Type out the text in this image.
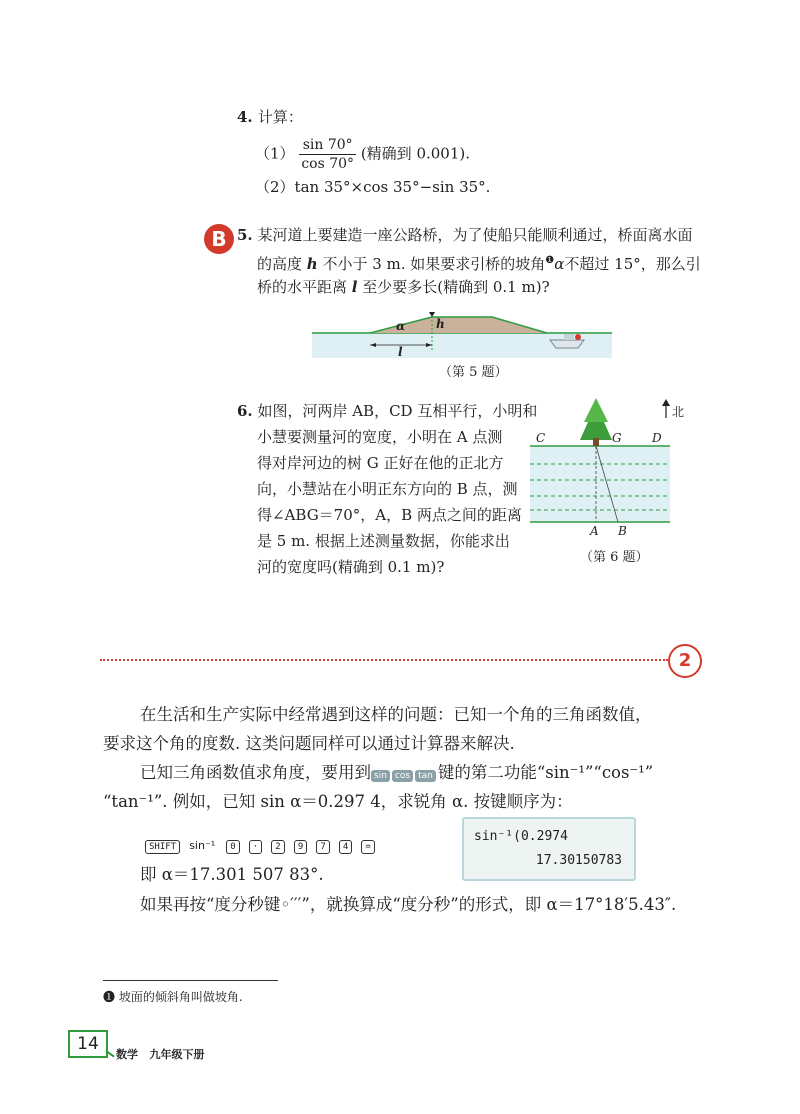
4. 计算：
$(1) \frac{\sin 70^\circ}{\cos 70^\circ}$ (精确到 0.001).
（2）tan 35°×cos 35°−sin 35°.
B 5. 某河道上要建造一座公路桥，为了使船只能顺利通过，桥面离水面
的高度 h 不小于 3 m. 如果要求引桥的坡角$^❶$α不超过 15°，那么引
桥的水平距离 l 至少要多长(精确到 0.1 m)?
α	h
l
（第 5 题）
6. 如图，河两岸 AB，CD 互相平行，小明和
小慧要测量河的宽度，小明在 A 点测
得对岸河边的树 G 正好在他的正北方
向，小慧站在小明正东方向的 B 点，测
得∠ABG＝70°，A，B 两点之间的距离
是 5 m. 根据上述测量数据，你能求出
河的宽度吗(精确到 0.1 m)?
北
C	G	D
A B
（第 6 题）
2
在生活和生产实际中经常遇到这样的问题：已知一个角的三角函数值，
要求这个角的度数. 这类问题同样可以通过计算器来解决.
已知三角函数值求角度，要用到 sin cos tan 键的第二功能“sin⁻¹”“cos⁻¹”
“tan⁻¹”. 例如，已知 sin α＝0.297 4，求锐角 α. 按键顺序为：
SHIFT sin⁻¹ 0 · 2 9 7 4 =
sin⁻¹(0.2974
17.30150783
即 α＝17.301 507 83°.
如果再按“度分秒键◦′′′”，就换算成“度分秒”的形式，即 α＝17°18′5.43″.
❶ 坡面的倾斜角叫做坡角.
14
数学 九年级下册
